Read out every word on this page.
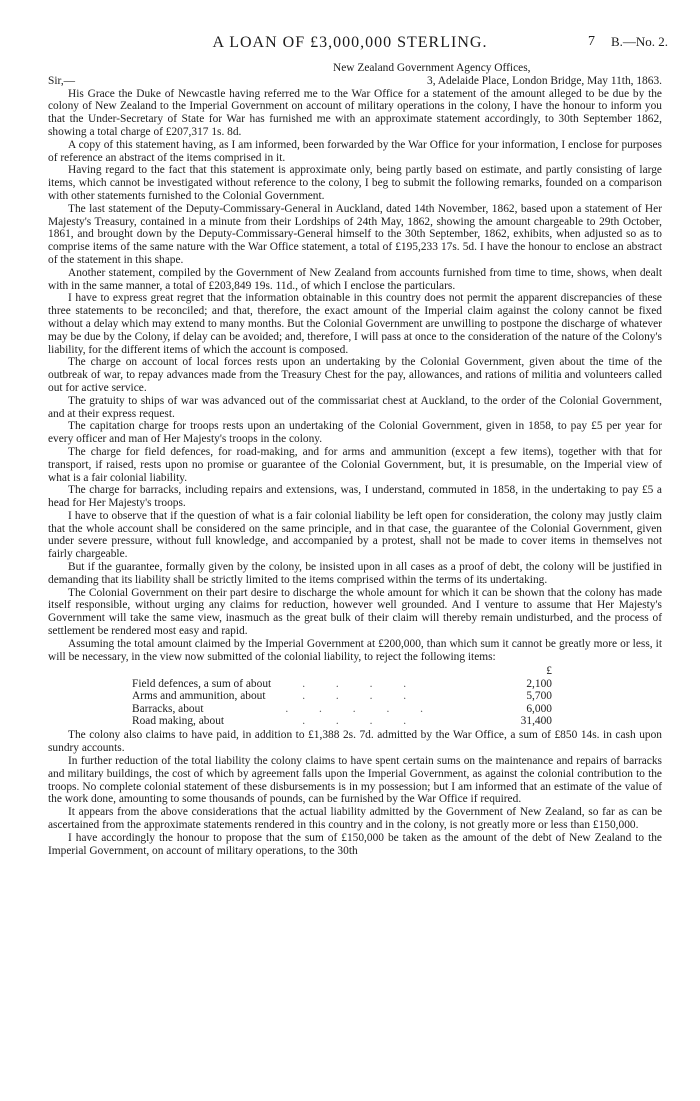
A LOAN OF £3,000,000 STERLING.	7 B.—No. 2.
New Zealand Government Agency Offices,
Sir,—	3, Adelaide Place, London Bridge, May 11th, 1863.

His Grace the Duke of Newcastle having referred me to the War Office for a statement of the amount alleged to be due by the colony of New Zealand to the Imperial Government on account of military operations in the colony, I have the honour to inform you that the Under-Secretary of State for War has furnished me with an approximate statement accordingly, to 30th September 1862, showing a total charge of £207,317 1s. 8d.

A copy of this statement having, as I am informed, been forwarded by the War Office for your information, I enclose for purposes of reference an abstract of the items comprised in it.

Having regard to the fact that this statement is approximate only, being partly based on estimate, and partly consisting of large items, which cannot be investigated without reference to the colony, I beg to submit the following remarks, founded on a comparison with other statements furnished to the Colonial Government.

The last statement of the Deputy-Commissary-General in Auckland, dated 14th November, 1862, based upon a statement of Her Majesty's Treasury, contained in a minute from their Lordships of 24th May, 1862, showing the amount chargeable to 29th October, 1861, and brought down by the Deputy-Commissary-General himself to the 30th September, 1862, exhibits, when adjusted so as to comprise items of the same nature with the War Office statement, a total of £195,233 17s. 5d. I have the honour to enclose an abstract of the statement in this shape.

Another statement, compiled by the Government of New Zealand from accounts furnished from time to time, shows, when dealt with in the same manner, a total of £203,849 19s. 11d., of which I enclose the particulars.

I have to express great regret that the information obtainable in this country does not permit the apparent discrepancies of these three statements to be reconciled; and that, therefore, the exact amount of the Imperial claim against the colony cannot be fixed without a delay which may extend to many months. But the Colonial Government are unwilling to postpone the discharge of whatever may be due by the Colony, if delay can be avoided; and, therefore, I will pass at once to the consideration of the nature of the Colony's liability, for the different items of which the account is composed.

The charge on account of local forces rests upon an undertaking by the Colonial Government, given about the time of the outbreak of war, to repay advances made from the Treasury Chest for the pay, allowances, and rations of militia and volunteers called out for active service.

The gratuity to ships of war was advanced out of the commissariat chest at Auckland, to the order of the Colonial Government, and at their express request.

The capitation charge for troops rests upon an undertaking of the Colonial Government, given in 1858, to pay £5 per year for every officer and man of Her Majesty's troops in the colony.

The charge for field defences, for road-making, and for arms and ammunition (except a few items), together with that for transport, if raised, rests upon no promise or guarantee of the Colonial Government, but, it is presumable, on the Imperial view of what is a fair colonial liability.

The charge for barracks, including repairs and extensions, was, I understand, commuted in 1858, in the undertaking to pay £5 a head for Her Majesty's troops.

I have to observe that if the question of what is a fair colonial liability be left open for consideration, the colony may justly claim that the whole account shall be considered on the same principle, and in that case, the guarantee of the Colonial Government, given under severe pressure, without full knowledge, and accompanied by a protest, shall not be made to cover items in themselves not fairly chargeable.

But if the guarantee, formally given by the colony, be insisted upon in all cases as a proof of debt, the colony will be justified in demanding that its liability shall be strictly limited to the items comprised within the terms of its undertaking.

The Colonial Government on their part desire to discharge the whole amount for which it can be shown that the colony has made itself responsible, without urging any claims for reduction, however well grounded. And I venture to assume that Her Majesty's Government will take the same view, inasmuch as the great bulk of their claim will thereby remain undisturbed, and the process of settlement be rendered most easy and rapid.

Assuming the total amount claimed by the Imperial Government at £200,000, than which sum it cannot be greatly more or less, it will be necessary, in the view now submitted of the colonial liability, to reject the following items:

		£
Field defences, a sum of about	. . . .	2,100
Arms and ammunition, about	. . . .	5,700
Barracks, about	. . . . .	6,000
Road making, about	. . . .	31,400

The colony also claims to have paid, in addition to £1,388 2s. 7d. admitted by the War Office, a sum of £850 14s. in cash upon sundry accounts.

In further reduction of the total liability the colony claims to have spent certain sums on the maintenance and repairs of barracks and military buildings, the cost of which by agreement falls upon the Imperial Government, as against the colonial contribution to the troops. No complete colonial statement of these disbursements is in my possession; but I am informed that an estimate of the value of the work done, amounting to some thousands of pounds, can be furnished by the War Office if required.

It appears from the above considerations that the actual liability admitted by the Government of New Zealand, so far as can be ascertained from the approximate statements rendered in this country and in the colony, is not greatly more or less than £150,000.

I have accordingly the honour to propose that the sum of £150,000 be taken as the amount of the debt of New Zealand to the Imperial Government, on account of military operations, to the 30th
